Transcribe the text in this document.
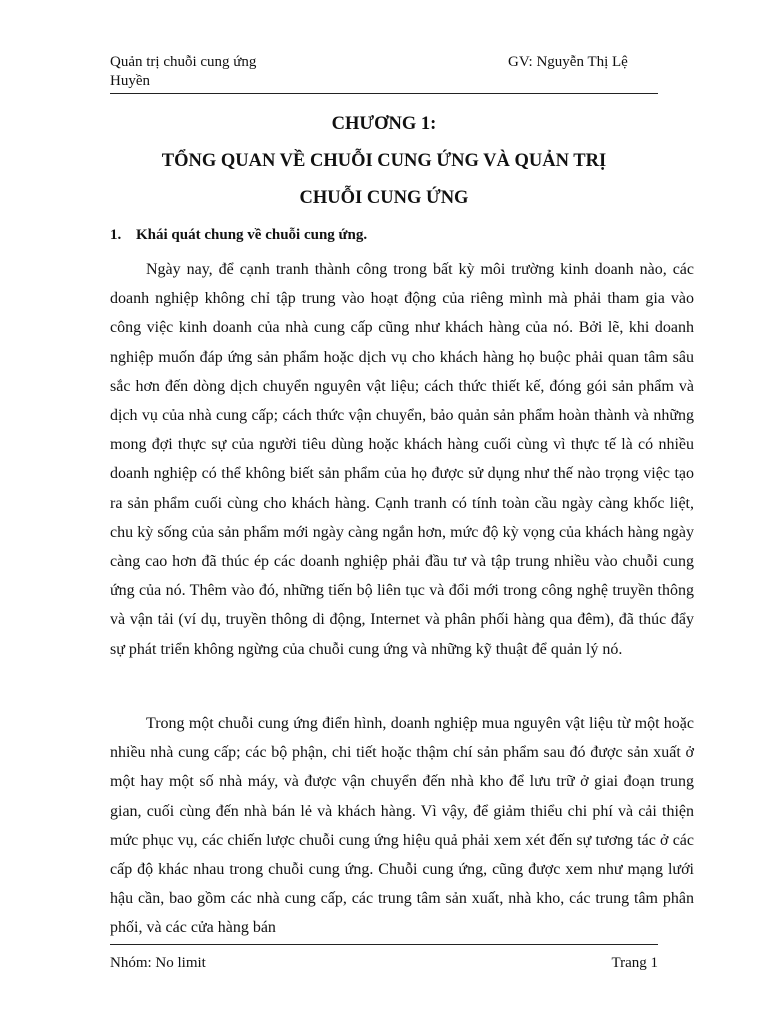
Quản trị chuỗi cung ứng	GV: Nguyễn Thị Lệ
Huyền
CHƯƠNG 1:
TỔNG QUAN VỀ CHUỖI CUNG ỨNG VÀ QUẢN TRỊ
CHUỖI CUNG ỨNG
1. Khái quát chung về chuỗi cung ứng.

Ngày nay, để cạnh tranh thành công trong bất kỳ môi trường kinh doanh nào, các doanh nghiệp không chỉ tập trung vào hoạt động của riêng mình mà phải tham gia vào công việc kinh doanh của nhà cung cấp cũng như khách hàng của nó. Bởi lẽ, khi doanh nghiệp muốn đáp ứng sản phẩm hoặc dịch vụ cho khách hàng họ buộc phải quan tâm sâu sắc hơn đến dòng dịch chuyển nguyên vật liệu; cách thức thiết kế, đóng gói sản phẩm và dịch vụ của nhà cung cấp; cách thức vận chuyển, bảo quản sản phẩm hoàn thành và những mong đợi thực sự của người tiêu dùng hoặc khách hàng cuối cùng vì thực tế là có nhiều doanh nghiệp có thể không biết sản phẩm của họ được sử dụng như thế nào trọng việc tạo ra sản phẩm cuối cùng cho khách hàng. Cạnh tranh có tính toàn cầu ngày càng khốc liệt, chu kỳ sống của sản phẩm mới ngày càng ngắn hơn, mức độ kỳ vọng của khách hàng ngày càng cao hơn đã thúc ép các doanh nghiệp phải đầu tư và tập trung nhiều vào chuỗi cung ứng của nó. Thêm vào đó, những tiến bộ liên tục và đổi mới trong công nghệ truyền thông và vận tải (ví dụ, truyền thông di động, Internet và phân phối hàng qua đêm), đã thúc đẩy sự phát triển không ngừng của chuỗi cung ứng và những kỹ thuật để quản lý nó.

Trong một chuỗi cung ứng điển hình, doanh nghiệp mua nguyên vật liệu từ một hoặc nhiều nhà cung cấp; các bộ phận, chi tiết hoặc thậm chí sản phẩm sau đó được sản xuất ở một hay một số nhà máy, và được vận chuyển đến nhà kho để lưu trữ ở giai đoạn trung gian, cuối cùng đến nhà bán lẻ và khách hàng. Vì vậy, để giảm thiểu chi phí và cải thiện mức phục vụ, các chiến lược chuỗi cung ứng hiệu quả phải xem xét đến sự tương tác ở các cấp độ khác nhau trong chuỗi cung ứng. Chuỗi cung ứng, cũng được xem như mạng lưới hậu cần, bao gồm các nhà cung cấp, các trung tâm sản xuất, nhà kho, các trung tâm phân phối, và các cửa hàng bán

Nhóm: No limit	Trang 1
